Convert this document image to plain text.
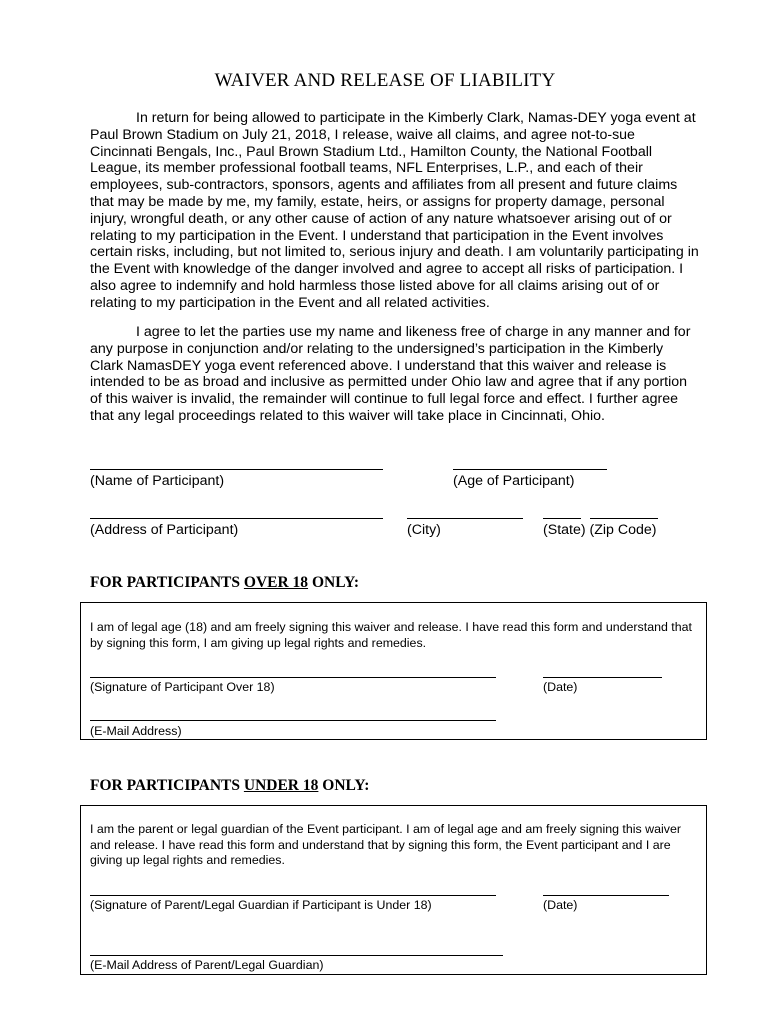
WAIVER AND RELEASE OF LIABILITY

In return for being allowed to participate in the Kimberly Clark, Namas-DEY yoga event at Paul Brown Stadium on July 21, 2018, I release, waive all claims, and agree not-to-sue Cincinnati Bengals, Inc., Paul Brown Stadium Ltd., Hamilton County, the National Football League, its member professional football teams, NFL Enterprises, L.P., and each of their employees, sub-contractors, sponsors, agents and affiliates from all present and future claims that may be made by me, my family, estate, heirs, or assigns for property damage, personal injury, wrongful death, or any other cause of action of any nature whatsoever arising out of or relating to my participation in the Event. I understand that participation in the Event involves certain risks, including, but not limited to, serious injury and death. I am voluntarily participating in the Event with knowledge of the danger involved and agree to accept all risks of participation. I also agree to indemnify and hold harmless those listed above for all claims arising out of or relating to my participation in the Event and all related activities.

I agree to let the parties use my name and likeness free of charge in any manner and for any purpose in conjunction and/or relating to the undersigned’s participation in the Kimberly Clark NamasDEY yoga event referenced above. I understand that this waiver and release is intended to be as broad and inclusive as permitted under Ohio law and agree that if any portion of this waiver is invalid, the remainder will continue to full legal force and effect. I further agree that any legal proceedings related to this waiver will take place in Cincinnati, Ohio.

(Name of Participant)	(Age of Participant)
(Address of Participant)	(City)	(State) (Zip Code)
FOR PARTICIPANTS OVER 18 ONLY:

I am of legal age (18) and am freely signing this waiver and release. I have read this form and understand that by signing this form, I am giving up legal rights and remedies.

(Signature of Participant Over 18)	(Date)
(E-Mail Address)
FOR PARTICIPANTS UNDER 18 ONLY:

I am the parent or legal guardian of the Event participant. I am of legal age and am freely signing this waiver and release. I have read this form and understand that by signing this form, the Event participant and I are giving up legal rights and remedies.

(Signature of Parent/Legal Guardian if Participant is Under 18)	(Date)
(E-Mail Address of Parent/Legal Guardian)
